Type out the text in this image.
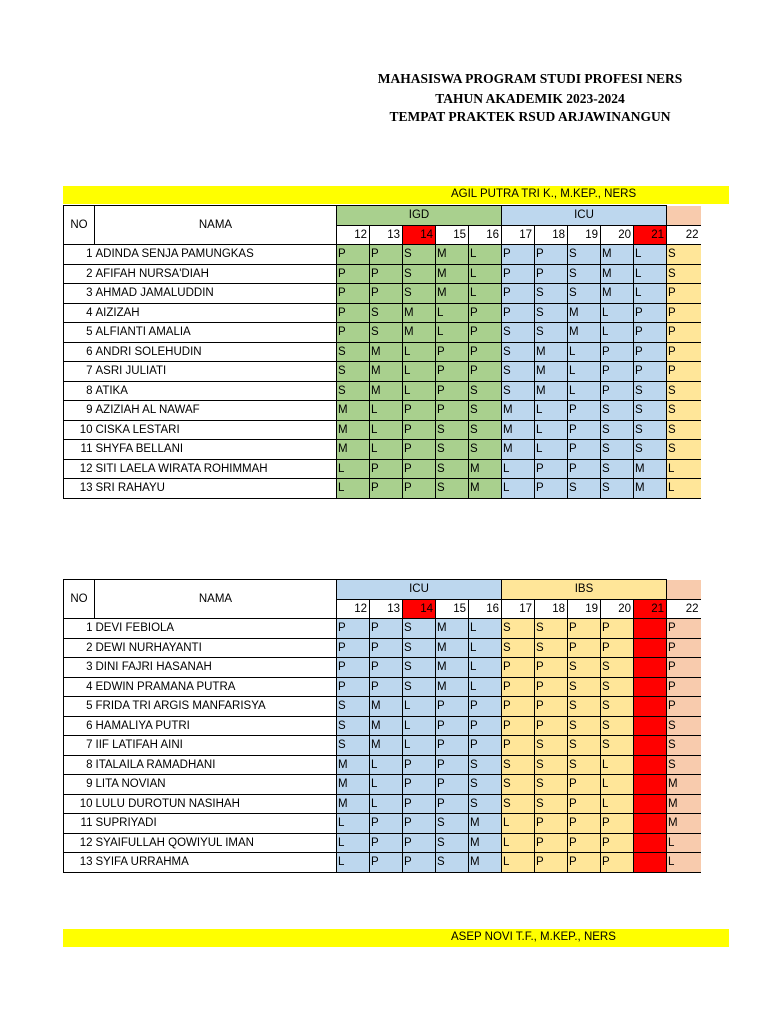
MAHASISWA PROGRAM STUDI PROFESI NERS
TAHUN AKADEMIK 2023-2024
TEMPAT PRAKTEK RSUD ARJAWINANGUN
AGIL PUTRA TRI K., M.KEP., NERS
NO	NAMA	IGD					ICU					
		12	13	14	15	16	17	18	19	20	21	22
1	ADINDA SENJA PAMUNGKAS	P	P	S	M	L	P	P	S	M	L	S
2	AFIFAH NURSA'DIAH	P	P	S	M	L	P	P	S	M	L	S
3	AHMAD JAMALUDDIN	P	P	S	M	L	P	S	S	M	L	P
4	AIZIZAH	P	S	M	L	P	P	S	M	L	P	P
5	ALFIANTI AMALIA	P	S	M	L	P	S	S	M	L	P	P
6	ANDRI SOLEHUDIN	S	M	L	P	P	S	M	L	P	P	P
7	ASRI JULIATI	S	M	L	P	P	S	M	L	P	P	P
8	ATIKA	S	M	L	P	S	S	M	L	P	S	S
9	AZIZIAH AL NAWAF	M	L	P	P	S	M	L	P	S	S	S
10	CISKA LESTARI	M	L	P	S	S	M	L	P	S	S	S
11	SHYFA BELLANI	M	L	P	S	S	M	L	P	S	S	S
12	SITI LAELA WIRATA ROHIMMAH	L	P	P	S	M	L	P	P	S	M	L
13	SRI RAHAYU	L	P	P	S	M	L	P	S	S	M	L
NO	NAMA	ICU					IBS					
		12	13	14	15	16	17	18	19	20	21	22
1	DEVI FEBIOLA	P	P	S	M	L	S	S	P	P		P
2	DEWI NURHAYANTI	P	P	S	M	L	S	S	P	P		P
3	DINI FAJRI HASANAH	P	P	S	M	L	P	P	S	S		P
4	EDWIN PRAMANA PUTRA	P	P	S	M	L	P	P	S	S		P
5	FRIDA TRI ARGIS MANFARISYA	S	M	L	P	P	P	P	S	S		P
6	HAMALIYA PUTRI	S	M	L	P	P	P	P	S	S		S
7	IIF LATIFAH AINI	S	M	L	P	P	P	S	S	S		S
8	ITALAILA RAMADHANI	M	L	P	P	S	S	S	S	L		S
9	LITA NOVIAN	M	L	P	P	S	S	S	P	L		M
10	LULU DUROTUN NASIHAH	M	L	P	P	S	S	S	P	L		M
11	SUPRIYADI	L	P	P	S	M	L	P	P	P		M
12	SYAIFULLAH QOWIYUL IMAN	L	P	P	S	M	L	P	P	P		L
13	SYIFA URRAHMA	L	P	P	S	M	L	P	P	P		L
ASEP NOVI T.F., M.KEP., NERS
